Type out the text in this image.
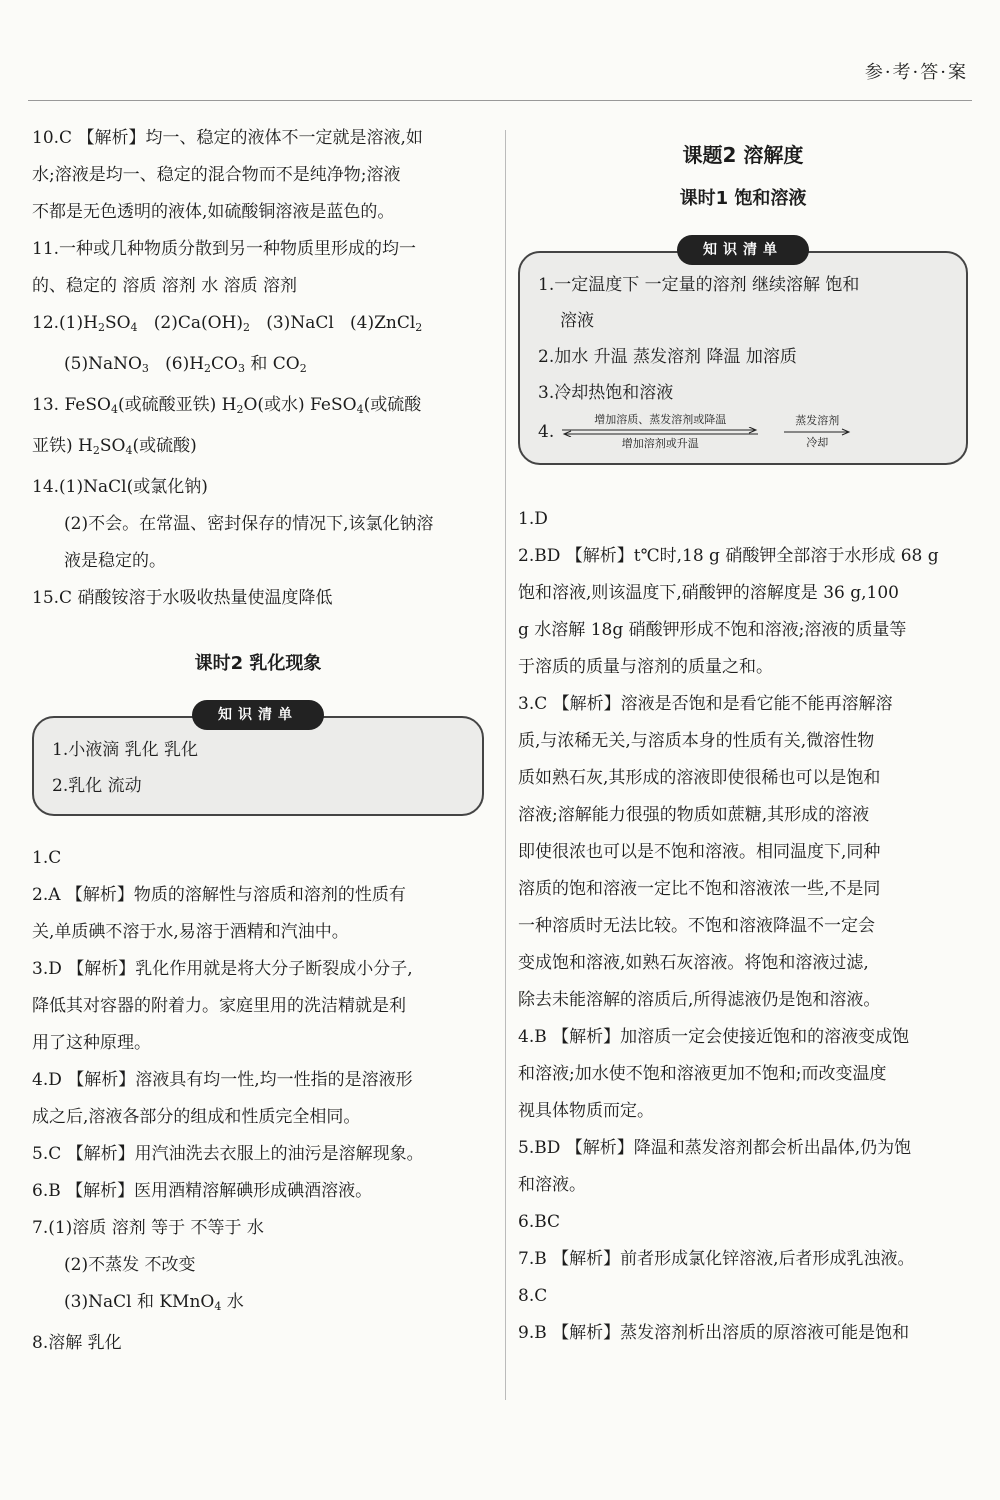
参·考·答·案
10.C 【解析】均一、稳定的液体不一定就是溶液,如
水;溶液是均一、稳定的混合物而不是纯净物;溶液
不都是无色透明的液体,如硫酸铜溶液是蓝色的。
11.一种或几种物质分散到另一种物质里形成的均一
的、稳定的 溶质 溶剂 水 溶质 溶剂
$12.(1)H_2SO_4$ $(2)Ca(OH)_2$ (3)NaCl (4)ZnCl$_2$
(5)NaNO$_3$ $(6)H_2CO_3$ 和 $CO_2$
13. FeSO$_4$(或硫酸亚铁) $H_2O$(或水) FeSO$_4$(或硫酸
亚铁) $H_2SO_4$(或硫酸)
14.(1)NaCl(或氯化钠)
(2)不会。在常温、密封保存的情况下,该氯化钠溶
液是稳定的。
15.C 硝酸铵溶于水吸收热量使温度降低
课时2 乳化现象
知识清单
1.小液滴 乳化 乳化
2.乳化 流动
1.C
2.A 【解析】物质的溶解性与溶质和溶剂的性质有
关,单质碘不溶于水,易溶于酒精和汽油中。
3.D 【解析】乳化作用就是将大分子断裂成小分子,
降低其对容器的附着力。家庭里用的洗洁精就是利
用了这种原理。
4.D 【解析】溶液具有均一性,均一性指的是溶液形
成之后,溶液各部分的组成和性质完全相同。
5.C 【解析】用汽油洗去衣服上的油污是溶解现象。
6.B 【解析】医用酒精溶解碘形成碘酒溶液。
7.(1)溶质 溶剂 等于 不等于 水
(2)不蒸发 不改变
(3)NaCl 和 KMnO$_4$ 水
8.溶解 乳化
课题2 溶解度
课时1 饱和溶液
知识清单
1.一定温度下 一定量的溶剂 继续溶解 饱和
溶液
2.加水 升温 蒸发溶剂 降温 加溶质
3.冷却热饱和溶液
4.
增加溶质、蒸发溶剂或降温
增加溶剂或升温
蒸发溶剂
冷却
1.D
2.BD 【解析】t℃时,18 g 硝酸钾全部溶于水形成 68 g
饱和溶液,则该温度下,硝酸钾的溶解度是 36 g,100
g 水溶解 18g 硝酸钾形成不饱和溶液;溶液的质量等
于溶质的质量与溶剂的质量之和。
3.C 【解析】溶液是否饱和是看它能不能再溶解溶
质,与浓稀无关,与溶质本身的性质有关,微溶性物
质如熟石灰,其形成的溶液即使很稀也可以是饱和
溶液;溶解能力很强的物质如蔗糖,其形成的溶液
即使很浓也可以是不饱和溶液。相同温度下,同种
溶质的饱和溶液一定比不饱和溶液浓一些,不是同
一种溶质时无法比较。不饱和溶液降温不一定会
变成饱和溶液,如熟石灰溶液。将饱和溶液过滤,
除去未能溶解的溶质后,所得滤液仍是饱和溶液。
4.B 【解析】加溶质一定会使接近饱和的溶液变成饱
和溶液;加水使不饱和溶液更加不饱和;而改变温度
视具体物质而定。
5.BD 【解析】降温和蒸发溶剂都会析出晶体,仍为饱
和溶液。
6.BC
7.B 【解析】前者形成氯化锌溶液,后者形成乳浊液。
8.C
9.B 【解析】蒸发溶剂析出溶质的原溶液可能是饱和
